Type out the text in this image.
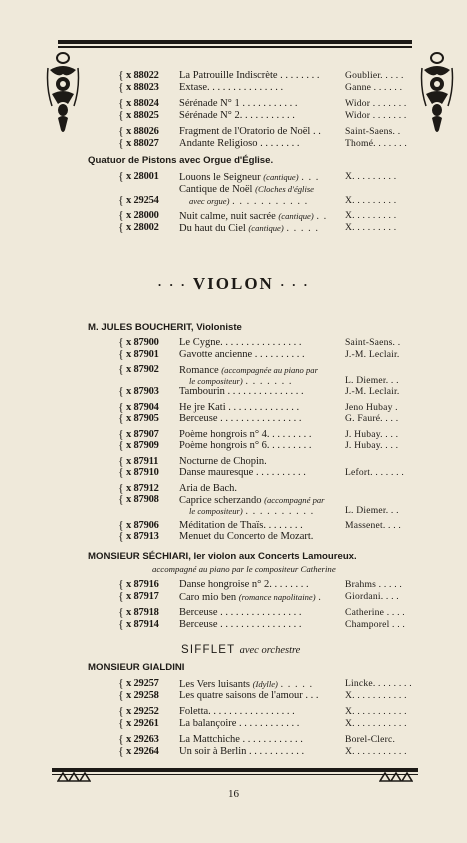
{ x 88022 La Patrouille Indiscrète . . . . . . . .	Goublier. . . . .
{ x 88023 Extase. . . . . . . . . . . . . . .	Ganne . . . . . .
{ x 88024 Sérénade N° 1 . . . . . . . . . . .	Widor . . . . . . .
{ x 88025 Sérénade N° 2. . . . . . . . . . .	Widor . . . . . . .
{ x 88026 Fragment de l'Oratorio de Noël . .	Saint-Saens. .
{ x 88027 Andante Religioso . . . . . . . .	Thomé. . . . . . .
Quatuor de Pistons avec Orgue d'Église.
{ x 28001 Louons le Seigneur (cantique) . . .	X. . . . . . . . .
Cantique de Noël (Cloches d'église
{ x 29254	avec orgue) . . . . . . . . . . .	X. . . . . . . . .
{ x 28000 Nuit calme, nuit sacrée (cantique) . . X. . . . . . . . .
{ x 28002 Du haut du Ciel (cantique) . . . . .	X. . . . . . . . .
· · · VIOLON · · ·
M. JULES BOUCHERIT, Violoniste
{ x 87900 Le Cygne. . . . . . . . . . . . . . . .	Saint-Saens. .
{ x 87901 Gavotte ancienne . . . . . . . . . .	J.-M. Leclair.
{ x 87902 Romance (accompagnée au piano par
le compositeur) . . . . . . .	L. Diemer. . .
{ x 87903 Tambourin . . . . . . . . . . . . . . .	J.-M. Leclair.
{ x 87904 He jre Kati . . . . . . . . . . . . . .	Jeno Hubay .
{ x 87905 Berceuse . . . . . . . . . . . . . . . .	G. Fauré. . . .
{ x 87907 Poème hongrois n° 4. . . . . . . . .	J. Hubay. . . .
{ x 87909 Poème hongrois n° 6. . . . . . . . .	J. Hubay. . . .
{ x 87911 Nocturne de Chopin.
{ x 87910 Danse mauresque . . . . . . . . . .	Lefort. . . . . . .
{ x 87912 Aria de Bach.
{ x 87908 Caprice scherzando (accompagné par
le compositeur) . . . . . . . . . .	L. Diemer. . .
{ x 87906 Méditation de Thaïs. . . . . . . .	Massenet. . . .
{ x 87913 Menuet du Concerto de Mozart.
MONSIEUR SÉCHIARI, Ier violon aux Concerts Lamoureux.
accompagné au piano par le compositeur Catherine
{ x 87916 Danse hongroise n° 2. . . . . . . .	Brahms . . . . .
{ x 87917 Caro mio ben (romance napolitaine) . Giordani. . . .
{ x 87918 Berceuse . . . . . . . . . . . . . . . .	Catherine . . . .
{ x 87914 Berceuse . . . . . . . . . . . . . . . .	Champorel . . .
SIFFLET avec orchestre
MONSIEUR GIALDINI
{ x 29257 Les Vers luisants (Idylle) . . . . .	Lincke. . . . . . . .
{ x 29258 Les quatre saisons de l'amour . . .	X. . . . . . . . . . .
{ x 29252 Foletta. . . . . . . . . . . . . . . . .	X. . . . . . . . . . .
{ x 29261 La balançoire . . . . . . . . . . . .	X. . . . . . . . . . .
{ x 29263 La Mattchiche . . . . . . . . . . . .	Borel-Clerc.
{ x 29264 Un soir à Berlin . . . . . . . . . . .	X. . . . . . . . . . .
16
